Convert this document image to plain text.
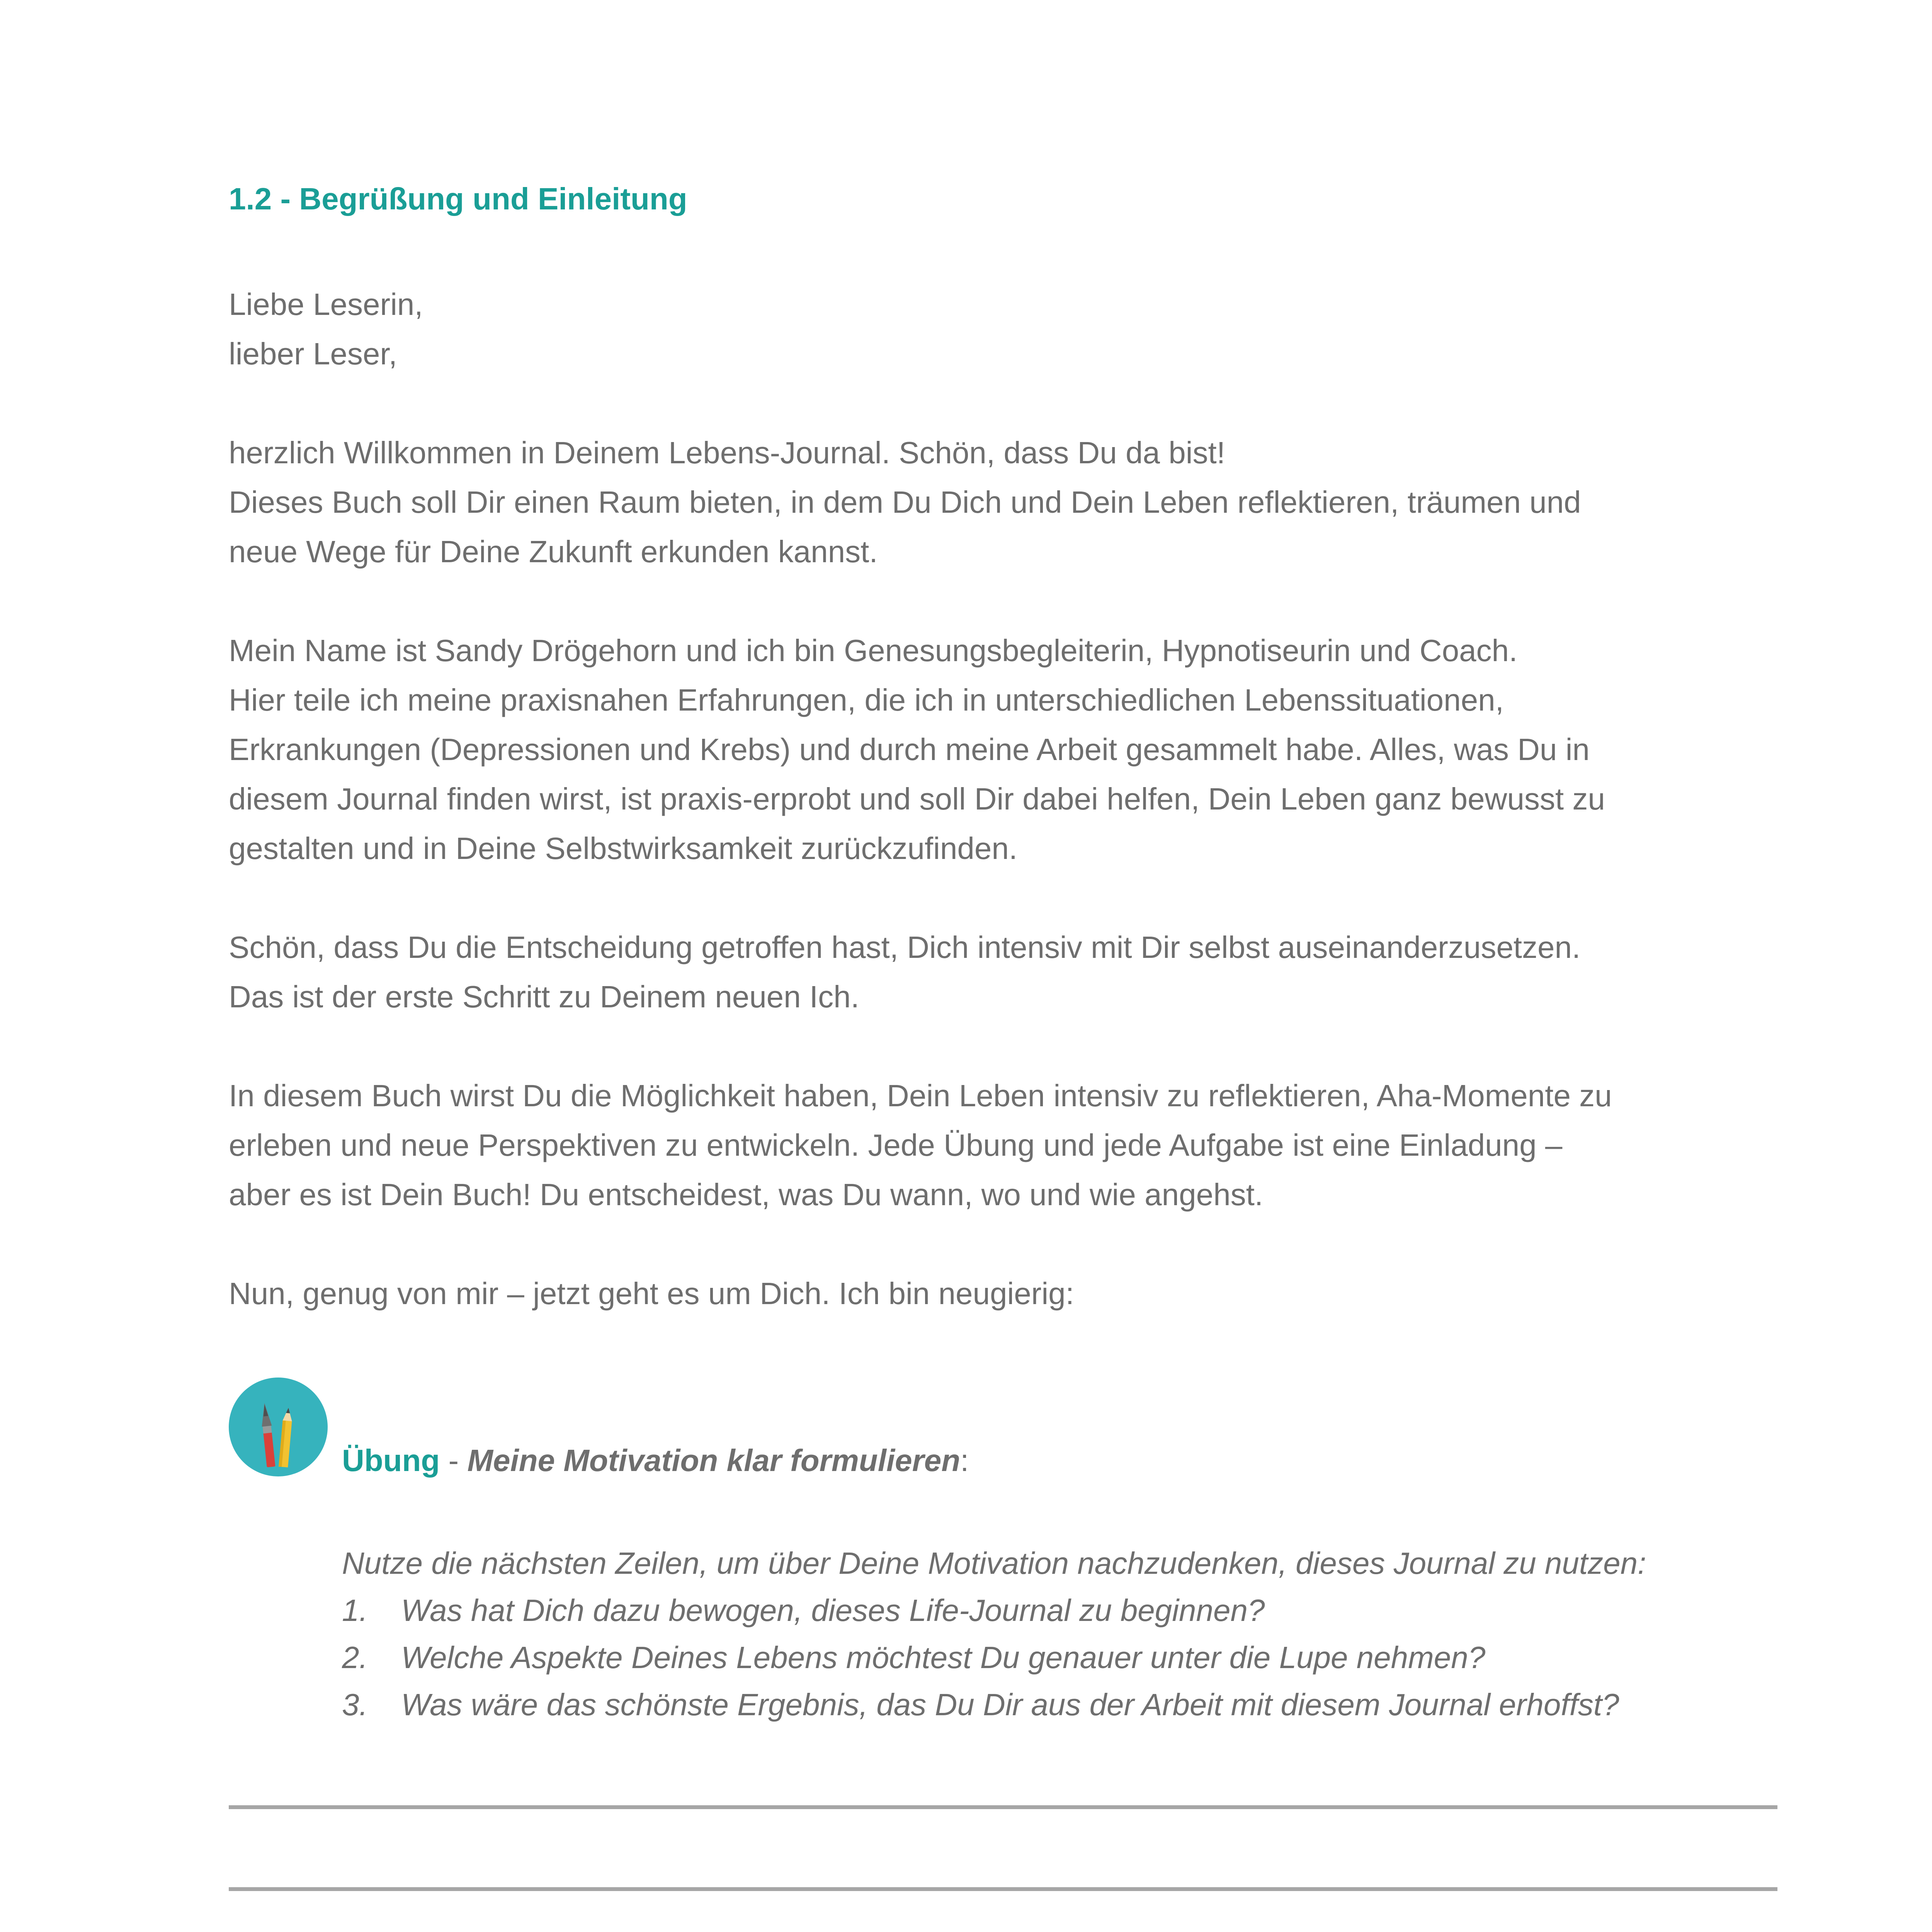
1.2 - Begrüßung und Einleitung
Liebe Leserin,
lieber Leser,
herzlich Willkommen in Deinem Lebens-Journal. Schön, dass Du da bist!
Dieses Buch soll Dir einen Raum bieten, in dem Du Dich und Dein Leben reflektieren, träumen und
neue Wege für Deine Zukunft erkunden kannst.
Mein Name ist Sandy Drögehorn und ich bin Genesungsbegleiterin, Hypnotiseurin und Coach.
Hier teile ich meine praxisnahen Erfahrungen, die ich in unterschiedlichen Lebenssituationen,
Erkrankungen (Depressionen und Krebs) und durch meine Arbeit gesammelt habe. Alles, was Du in
diesem Journal finden wirst, ist praxis-erprobt und soll Dir dabei helfen, Dein Leben ganz bewusst zu
gestalten und in Deine Selbstwirksamkeit zurückzufinden.
Schön, dass Du die Entscheidung getroffen hast, Dich intensiv mit Dir selbst auseinanderzusetzen.
Das ist der erste Schritt zu Deinem neuen Ich.
In diesem Buch wirst Du die Möglichkeit haben, Dein Leben intensiv zu reflektieren, Aha-Momente zu
erleben und neue Perspektiven zu entwickeln. Jede Übung und jede Aufgabe ist eine Einladung –
aber es ist Dein Buch! Du entscheidest, was Du wann, wo und wie angehst.
Nun, genug von mir – jetzt geht es um Dich. Ich bin neugierig:
Übung - Meine Motivation klar formulieren:
Nutze die nächsten Zeilen, um über Deine Motivation nachzudenken, dieses Journal zu nutzen:
1.	Was hat Dich dazu bewogen, dieses Life-Journal zu beginnen?
2.	Welche Aspekte Deines Lebens möchtest Du genauer unter die Lupe nehmen?
3.	Was wäre das schönste Ergebnis, das Du Dir aus der Arbeit mit diesem Journal erhoffst?
